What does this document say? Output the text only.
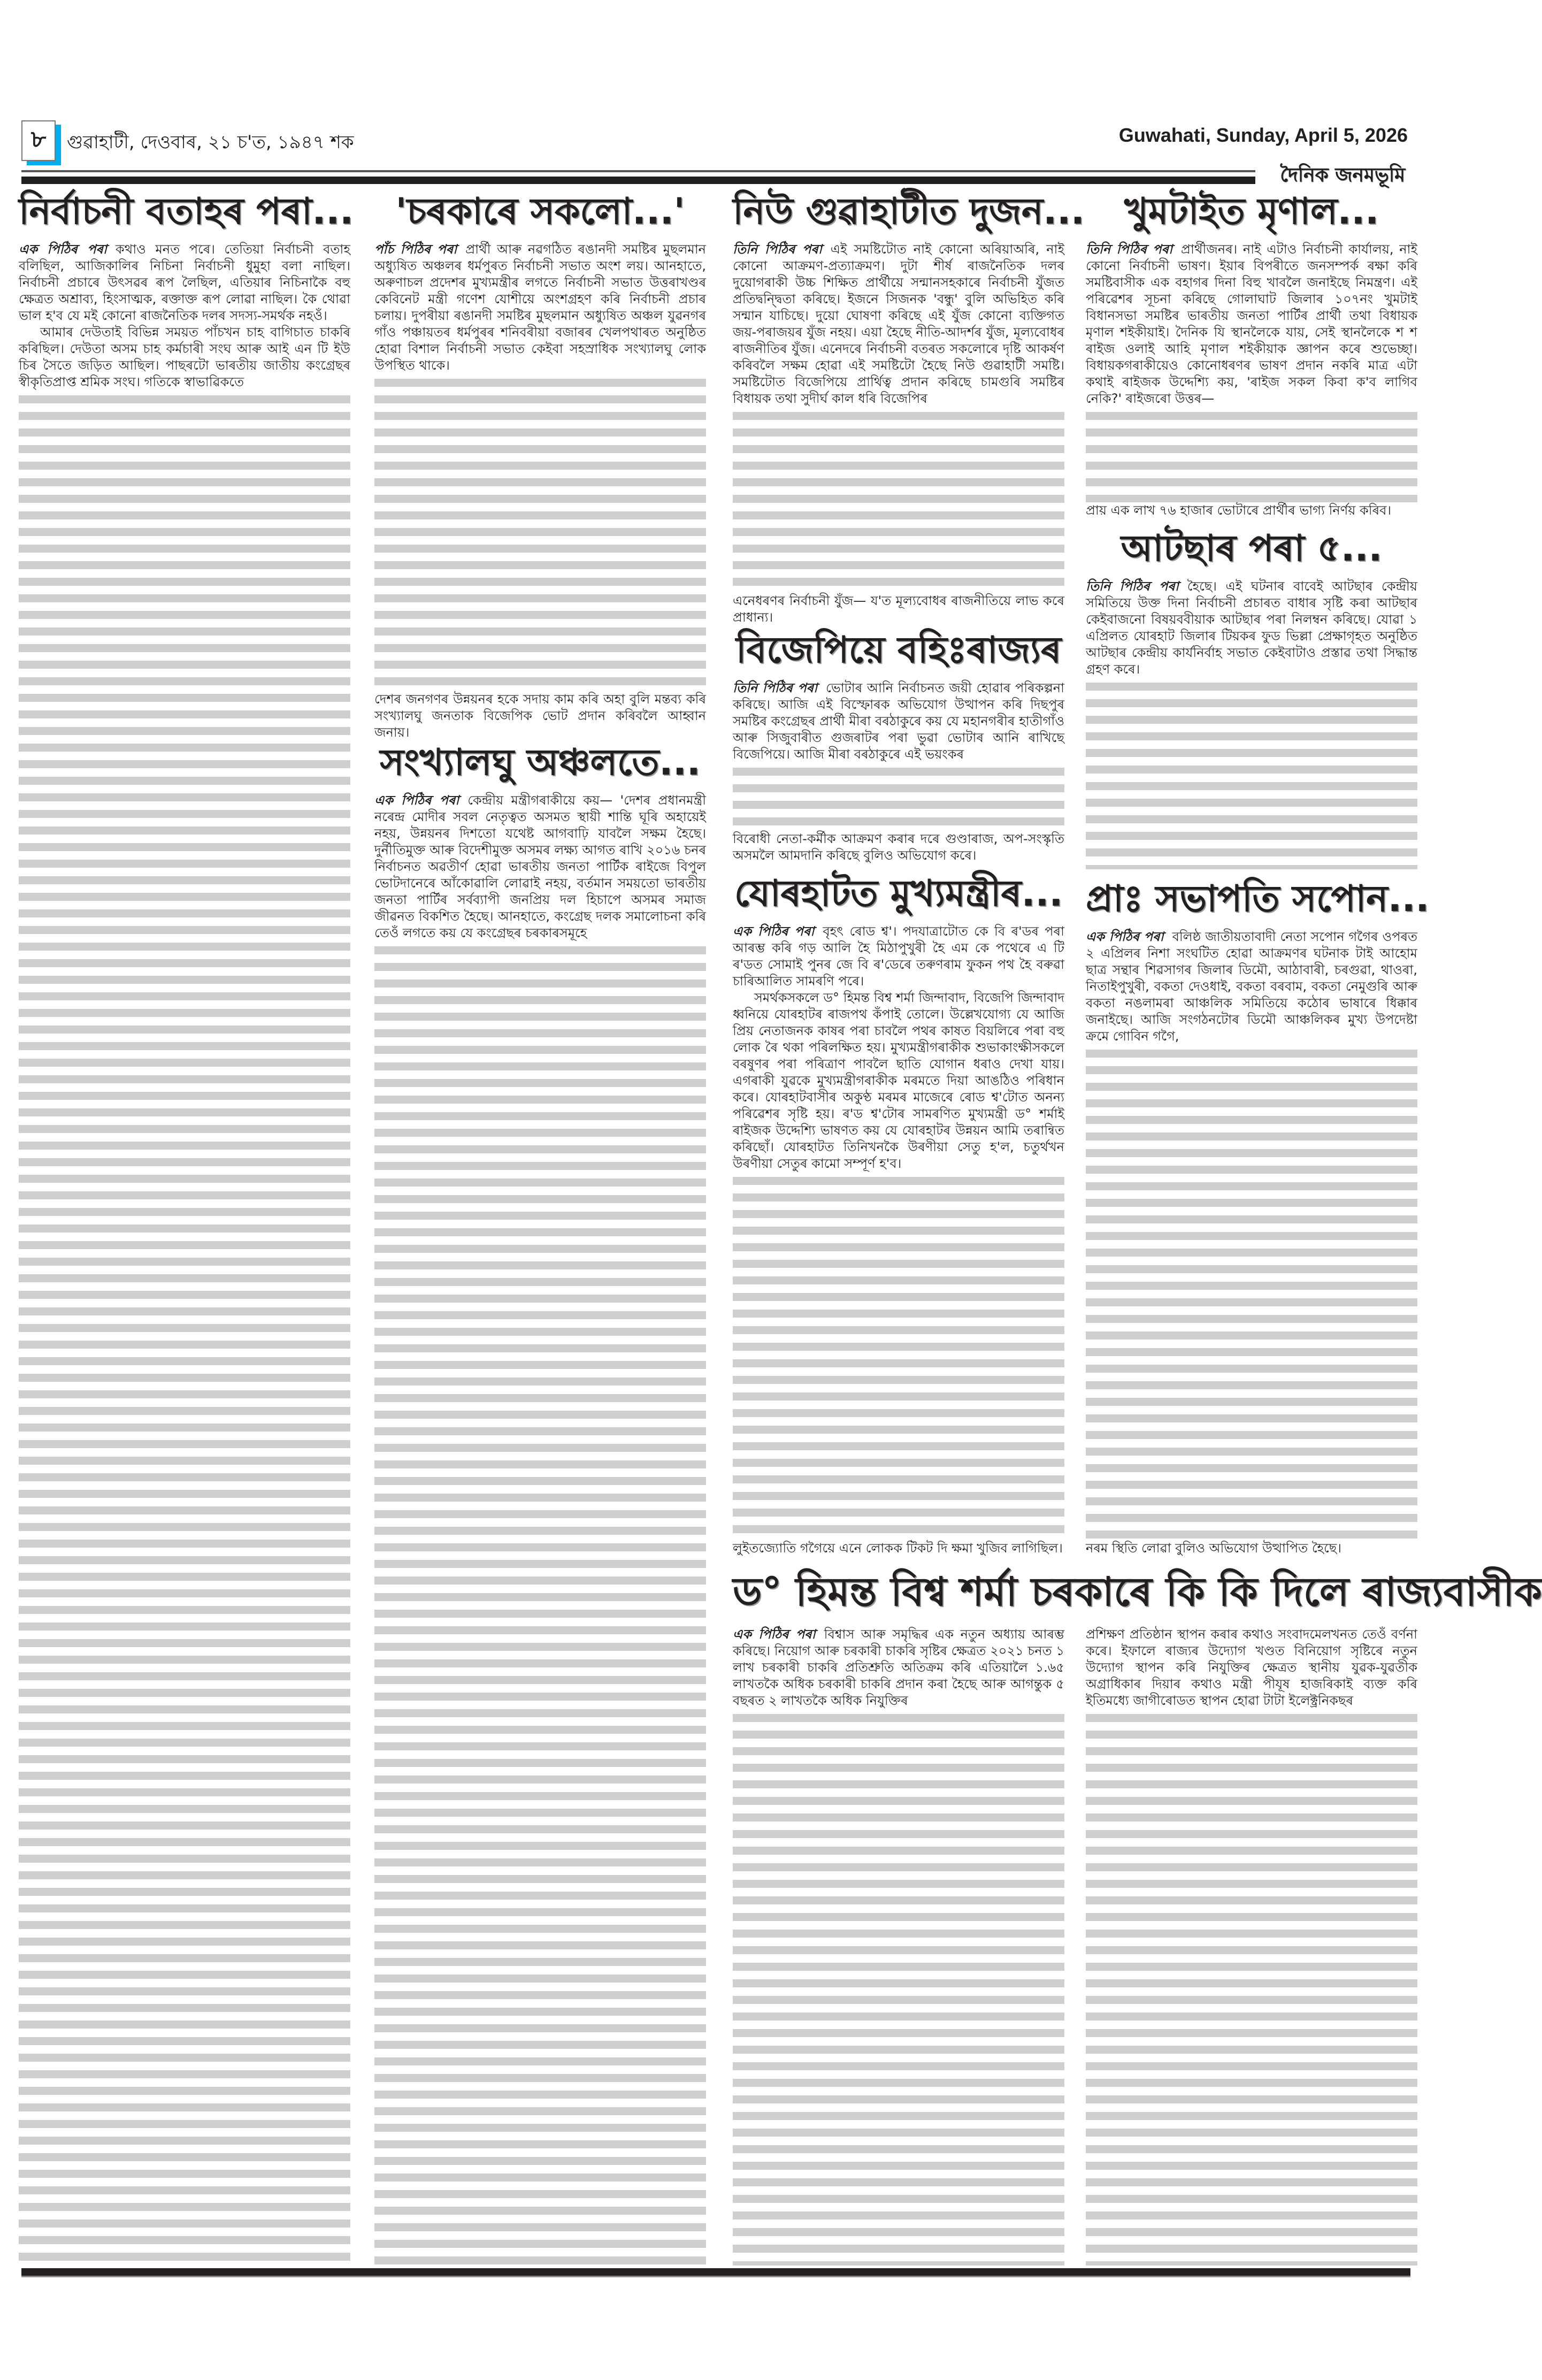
৮	গুৱাহাটী, দেওবাৰ, ২১ চ'ত, ১৯৪৭ শক	Guwahati, Sunday, April 5, 2026
দৈনিক জনমভূমি
নিৰ্বাচনী বতাহৰ পৰা...

এক পিঠিৰ পৰা কথাও মনত পৰে। তেতিয়া নিৰ্বাচনী বতাহ বলিছিল, আজিকালিৰ নিচিনা নিৰ্বাচনী ধুমুহা বলা নাছিল। নিৰ্বাচনী প্ৰচাৰে উৎসৱৰ ৰূপ লৈছিল, এতিয়াৰ নিচিনাকৈ বহু ক্ষেত্ৰত অশ্ৰাব্য, হিংসাত্মক, ৰক্তাক্ত ৰূপ লোৱা নাছিল। কৈ থোৱা ভাল হ'ব যে মই কোনো ৰাজনৈতিক দলৰ সদস্য-সমৰ্থক নহওঁ।

আমাৰ দেউতাই বিভিন্ন সময়ত পাঁচখন চাহ বাগিচাত চাকৰি কৰিছিল। দেউতা অসম চাহ কৰ্মচাৰী সংঘ আৰু আই এন টি ইউ চিৰ সৈতে জড়িত আছিল। পাছৰটো ভাৰতীয় জাতীয় কংগ্ৰেছৰ স্বীকৃতিপ্ৰাপ্ত শ্ৰমিক সংঘ। গতিকে স্বাভাৱিকতে

'চৰকাৰে সকলো...'

পাঁচ পিঠিৰ পৰা প্ৰাৰ্থী আৰু নৱগঠিত ৰঙানদী সমষ্টিৰ মুছলমান অধ্যুষিত অঞ্চলৰ ধৰ্মপুৰত নিৰ্বাচনী সভাত অংশ লয়। আনহাতে, অৰুণাচল প্ৰদেশৰ মুখ্যমন্ত্ৰীৰ লগতে নিৰ্বাচনী সভাত উত্তৰাখণ্ডৰ কেবিনেট মন্ত্ৰী গণেশ যোশীয়ে অংশগ্ৰহণ কৰি নিৰ্বাচনী প্ৰচাৰ চলায়। দুপৰীয়া ৰঙানদী সমষ্টিৰ মুছলমান অধ্যুষিত অঞ্চল যুৱনগৰ গাঁও পঞ্চায়তৰ ধৰ্মপুৰৰ শনিবৰীয়া বজাৰৰ খেলপথাৰত অনুষ্ঠিত হোৱা বিশাল নিৰ্বাচনী সভাত কেইবা সহস্ৰাধিক সংখ্যালঘু লোক উপস্থিত থাকে।

দেশৰ জনগণৰ উন্নয়নৰ হকে সদায় কাম কৰি অহা বুলি মন্তব্য কৰি সংখ্যালঘু জনতাক বিজেপিক ভোট প্ৰদান কৰিবলৈ আহ্বান জনায়।

সংখ্যালঘু অঞ্চলতে...

এক পিঠিৰ পৰা কেন্দ্ৰীয় মন্ত্ৰীগৰাকীয়ে কয়— 'দেশৰ প্ৰধানমন্ত্ৰী নৰেন্দ্ৰ মোদীৰ সবল নেতৃত্বত অসমত স্থায়ী শান্তি ঘূৰি অহায়েই নহয়, উন্নয়নৰ দিশতো যথেষ্ট আগবাঢ়ি যাবলৈ সক্ষম হৈছে। দুৰ্নীতিমুক্ত আৰু বিদেশীমুক্ত অসমৰ লক্ষ্য আগত ৰাখি ২০১৬ চনৰ নিৰ্বাচনত অৱতীৰ্ণ হোৱা ভাৰতীয় জনতা পাৰ্টিক ৰাইজে বিপুল ভোটদানেৰে আঁকোৱালি লোৱাই নহয়, বৰ্তমান সময়তো ভাৰতীয় জনতা পাৰ্টিৰ সৰ্বব্যাপী জনপ্ৰিয় দল হিচাপে অসমৰ সমাজ জীৱনত বিকশিত হৈছে। আনহাতে, কংগ্ৰেছ দলক সমালোচনা কৰি তেওঁ লগতে কয় যে কংগ্ৰেছৰ চৰকাৰসমূহে

নিউ গুৱাহাটীত দুজন...

তিনি পিঠিৰ পৰা এই সমষ্টিটোত নাই কোনো অৰিয়াঅৰি, নাই কোনো আক্ৰমণ-প্ৰত্যাক্ৰমণ। দুটা শীৰ্ষ ৰাজনৈতিক দলৰ দুয়োগৰাকী উচ্চ শিক্ষিত প্ৰাৰ্থীয়ে সন্মানসহকাৰে নিৰ্বাচনী যুঁজত প্ৰতিদ্বন্দ্বিতা কৰিছে। ইজনে সিজনক 'বন্ধু' বুলি অভিহিত কৰি সন্মান যাচিছে। দুয়ো ঘোষণা কৰিছে এই যুঁজ কোনো ব্যক্তিগত জয়-পৰাজয়ৰ যুঁজ নহয়। এয়া হৈছে নীতি-আদৰ্শৰ যুঁজ, মূল্যবোধৰ ৰাজনীতিৰ যুঁজ। এনেদৰে নিৰ্বাচনী বতৰত সকলোৰে দৃষ্টি আকৰ্ষণ কৰিবলৈ সক্ষম হোৱা এই সমষ্টিটো হৈছে নিউ গুৱাহাটী সমষ্টি। সমষ্টিটোত বিজেপিয়ে প্ৰাৰ্থিত্ব প্ৰদান কৰিছে চামগুৰি সমষ্টিৰ বিধায়ক তথা সুদীৰ্ঘ কাল ধৰি বিজেপিৰ

এনেধৰণৰ নিৰ্বাচনী যুঁজ— য'ত মূল্যবোধৰ ৰাজনীতিয়ে লাভ কৰে প্ৰাধান্য।

বিজেপিয়ে বহিঃৰাজ্যৰ

তিনি পিঠিৰ পৰা ভোটাৰ আনি নিৰ্বাচনত জয়ী হোৱাৰ পৰিকল্পনা কৰিছে। আজি এই বিস্ফোৰক অভিযোগ উত্থাপন কৰি দিছপুৰ সমষ্টিৰ কংগ্ৰেছৰ প্ৰাৰ্থী মীৰা বৰঠাকুৰে কয় যে মহানগৰীৰ হাতীগাঁও আৰু সিজুবাৰীত গুজৰাটৰ পৰা ভুৱা ভোটাৰ আনি ৰাখিছে বিজেপিয়ে। আজি মীৰা বৰঠাকুৰে এই ভয়ংকৰ

বিৰোধী নেতা-কৰ্মীক আক্ৰমণ কৰাৰ দৰে গুণ্ডাৰাজ, অপ-সংস্কৃতি অসমলৈ আমদানি কৰিছে বুলিও অভিযোগ কৰে।

যোৰহাটত মুখ্যমন্ত্ৰীৰ...

এক পিঠিৰ পৰা বৃহৎ ৰোড শ্ব'। পদযাত্ৰাটোত কে বি ৰ'ডৰ পৰা আৰম্ভ কৰি গড় আলি হৈ মিঠাপুখুৰী হৈ এম কে পথেৰে এ টি ৰ'ডত সোমাই পুনৰ জে বি ৰ'ডেৰে তৰুণৰাম ফুকন পথ হৈ বৰুৱা চাৰিআলিত সামৰণি পৰে।

সমৰ্থকসকলে ড° হিমন্ত বিশ্ব শৰ্মা জিন্দাবাদ, বিজেপি জিন্দাবাদ ধ্বনিয়ে যোৰহাটৰ ৰাজপথ কঁপাই তোলে। উল্লেখযোগ্য যে আজি প্ৰিয় নেতাজনক কাষৰ পৰা চাবলৈ পথৰ কাষত বিয়লিৰে পৰা বহু লোক ৰৈ থকা পৰিলক্ষিত হয়। মুখ্যমন্ত্ৰীগৰাকীক শুভাকাংক্ষীসকলে বৰষুণৰ পৰা পৰিত্ৰাণ পাবলৈ ছাতি যোগান ধৰাও দেখা যায়। এগৰাকী যুৱকে মুখ্যমন্ত্ৰীগৰাকীক মৰমতে দিয়া আঙঠিও পৰিধান কৰে। যোৰহাটবাসীৰ অকুণ্ঠ মৰমৰ মাজেৰে ৰোড শ্ব'টোত অনন্য পৰিৱেশৰ সৃষ্টি হয়। ৰ'ড শ্ব'টোৰ সামৰণিত মুখ্যমন্ত্ৰী ড° শৰ্মাই ৰাইজক উদ্দেশ্যি ভাষণত কয় যে যোৰহাটৰ উন্নয়ন আমি তৰান্বিত কৰিছোঁ। যোৰহাটত তিনিখনকৈ উৰণীয়া সেতু হ'ল, চতুৰ্থখন উৰণীয়া সেতুৰ কামো সম্পূৰ্ণ হ'ব।

লুইতজ্যোতি গগৈয়ে এনে লোকক টিকট দি ক্ষমা খুজিব লাগিছিল।

খুমটাইত মৃণাল...

তিনি পিঠিৰ পৰা প্ৰাৰ্থীজনৰ। নাই এটাও নিৰ্বাচনী কাৰ্যালয়, নাই কোনো নিৰ্বাচনী ভাষণ। ইয়াৰ বিপৰীতে জনসম্পৰ্ক ৰক্ষা কৰি সমষ্টিবাসীক এক বহাগৰ দিনা বিহু খাবলৈ জনাইছে নিমন্ত্ৰণ। এই পৰিৱেশৰ সূচনা কৰিছে গোলাঘাট জিলাৰ ১০৭নং খুমটাই বিধানসভা সমষ্টিৰ ভাৰতীয় জনতা পাৰ্টিৰ প্ৰাৰ্থী তথা বিধায়ক মৃণাল শইকীয়াই। দৈনিক যি স্থানলৈকে যায়, সেই স্থানলৈকে শ শ ৰাইজ ওলাই আহি মৃণাল শইকীয়াক জ্ঞাপন কৰে শুভেচ্ছা। বিধায়কগৰাকীয়েও কোনোধৰণৰ ভাষণ প্ৰদান নকৰি মাত্ৰ এটা কথাই ৰাইজক উদ্দেশ্যি কয়, 'ৰাইজ সকল কিবা ক'ব লাগিব নেকি?' ৰাইজৰো উত্তৰ—

প্ৰায় এক লাখ ৭৬ হাজাৰ ভোটাৰে প্ৰাৰ্থীৰ ভাগ্য নিৰ্ণয় কৰিব।

আটছাৰ পৰা ৫...

তিনি পিঠিৰ পৰা হৈছে। এই ঘটনাৰ বাবেই আটছাৰ কেন্দ্ৰীয় সমিতিয়ে উক্ত দিনা নিৰ্বাচনী প্ৰচাৰত বাধাৰ সৃষ্টি কৰা আটছাৰ কেইবাজনো বিষয়ববীয়াক আটছাৰ পৰা নিলম্বন কৰিছে। যোৱা ১ এপ্ৰিলত যোৰহাট জিলাৰ টিয়কৰ ফুড ভিল্লা প্ৰেক্ষাগৃহত অনুষ্ঠিত আটছাৰ কেন্দ্ৰীয় কাৰ্যনিৰ্বাহ সভাত কেইবাটাও প্ৰস্তাৱ তথা সিদ্ধান্ত গ্ৰহণ কৰে।

প্ৰাঃ সভাপতি সপোন...

এক পিঠিৰ পৰা বলিষ্ঠ জাতীয়তাবাদী নেতা সপোন গগৈৰ ওপৰত ২ এপ্ৰিলৰ নিশা সংঘটিত হোৱা আক্ৰমণৰ ঘটনাক টাই আহোম ছাত্ৰ সন্থাৰ শিৱসাগৰ জিলাৰ ডিমৌ, আঠাবাৰী, চৰগুৱা, থাওৰা, নিতাইপুখুৰী, বকতা দেওধাই, বকতা বৰবাম, বকতা নেমুগুৰি আৰু বকতা নঙলামৰা আঞ্চলিক সমিতিয়ে কঠোৰ ভাষাৰে ধিক্কাৰ জনাইছে। আজি সংগঠনটোৰ ডিমৌ আঞ্চলিকৰ মুখ্য উপদেষ্টা ক্ৰমে গোবিন গগৈ,

নৰম স্থিতি লোৱা বুলিও অভিযোগ উত্থাপিত হৈছে।

ড° হিমন্ত বিশ্ব শৰ্মা চৰকাৰে কি কি দিলে ৰাজ্যবাসীক

এক পিঠিৰ পৰা বিশ্বাস আৰু সমৃদ্ধিৰ এক নতুন অধ্যায় আৰম্ভ কৰিছে। নিয়োগ আৰু চৰকাৰী চাকৰি সৃষ্টিৰ ক্ষেত্ৰত ২০২১ চনত ১ লাখ চৰকাৰী চাকৰি প্ৰতিশ্ৰুতি অতিক্ৰম কৰি এতিয়ালৈ ১.৬৫ লাখতকৈ অধিক চৰকাৰী চাকৰি প্ৰদান কৰা হৈছে আৰু আগন্তুক ৫ বছৰত ২ লাখতকৈ অধিক নিযুক্তিৰ

প্ৰশিক্ষণ প্ৰতিষ্ঠান স্থাপন কৰাৰ কথাও সংবাদমেলখনত তেওঁ বৰ্ণনা কৰে। ইফালে ৰাজ্যৰ উদ্যোগ খণ্ডত বিনিয়োগ সৃষ্টিৰে নতুন উদ্যোগ স্থাপন কৰি নিযুক্তিৰ ক্ষেত্ৰত স্থানীয় যুৱক-যুৱতীক অগ্ৰাধিকাৰ দিয়াৰ কথাও মন্ত্ৰী পীযূষ হাজৰিকাই ব্যক্ত কৰি ইতিমধ্যে জাগীৰোডত স্থাপন হোৱা টাটা ইলেক্ট্ৰনিকছৰ
